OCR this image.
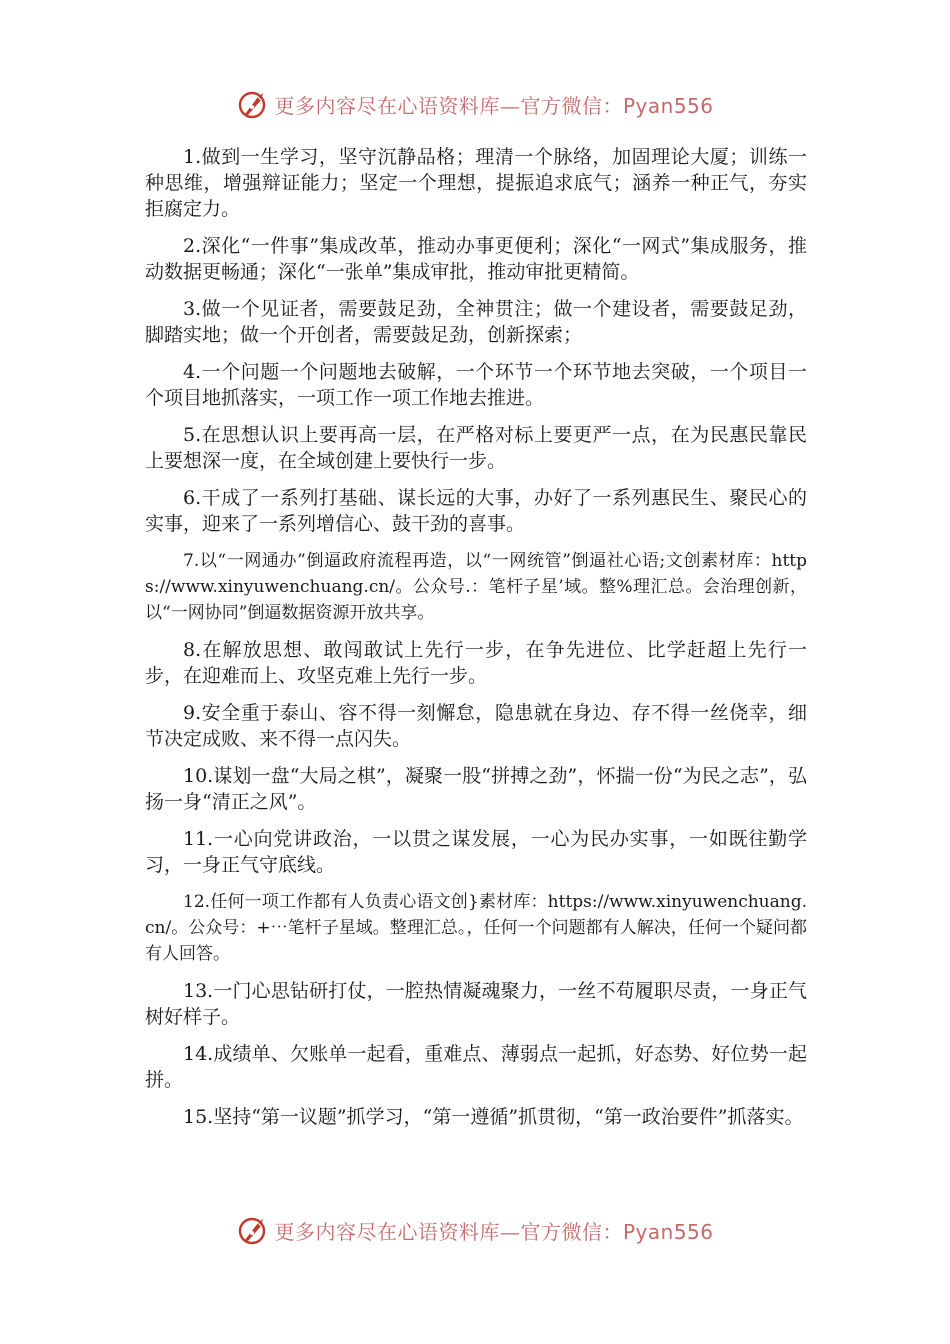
更多内容尽在心语资料库—官方微信：Pyan556

1.做到一生学习，坚守沉静品格；理清一个脉络，加固理论大厦；训练一种思维，增强辩证能力；坚定一个理想，提振追求底气；涵养一种正气，夯实拒腐定力。

2.深化“一件事”集成改革，推动办事更便利；深化“一网式”集成服务，推动数据更畅通；深化“一张单”集成审批，推动审批更精简。

3.做一个见证者，需要鼓足劲，全神贯注；做一个建设者，需要鼓足劲，脚踏实地；做一个开创者，需要鼓足劲，创新探索；

4.一个问题一个问题地去破解，一个环节一个环节地去突破，一个项目一个项目地抓落实，一项工作一项工作地去推进。

5.在思想认识上要再高一层，在严格对标上要更严一点，在为民惠民靠民上要想深一度，在全域创建上要快行一步。

6.干成了一系列打基础、谋长远的大事，办好了一系列惠民生、聚民心的实事，迎来了一系列增信心、鼓干劲的喜事。

7.以“一网通办”倒逼政府流程再造，以“一网统管”倒逼社心语;文创素材库：https://www.xinyuwenchuang.cn/。公众号.：笔杆子星’域。整%理汇总。会治理创新，以“一网协同”倒逼数据资源开放共享。

8.在解放思想、敢闯敢试上先行一步，在争先进位、比学赶超上先行一步，在迎难而上、攻坚克难上先行一步。

9.安全重于泰山、容不得一刻懈怠，隐患就在身边、存不得一丝侥幸，细节决定成败、来不得一点闪失。

10.谋划一盘“大局之棋”，凝聚一股“拼搏之劲”，怀揣一份“为民之志”，弘扬一身“清正之风”。

11.一心向党讲政治，一以贯之谋发展，一心为民办实事，一如既往勤学习，一身正气守底线。

12.任何一项工作都有人负责心语文创}素材库：https://www.xinyuwenchuang.cn/。公众号：+⋯笔杆子星域。整理汇总。，任何一个问题都有人解决，任何一个疑问都有人回答。

13.一门心思钻研打仗，一腔热情凝魂聚力，一丝不苟履职尽责，一身正气树好样子。

14.成绩单、欠账单一起看，重难点、薄弱点一起抓，好态势、好位势一起拼。

15.坚持“第一议题”抓学习，“第一遵循”抓贯彻，“第一政治要件”抓落实。

更多内容尽在心语资料库—官方微信：Pyan556
